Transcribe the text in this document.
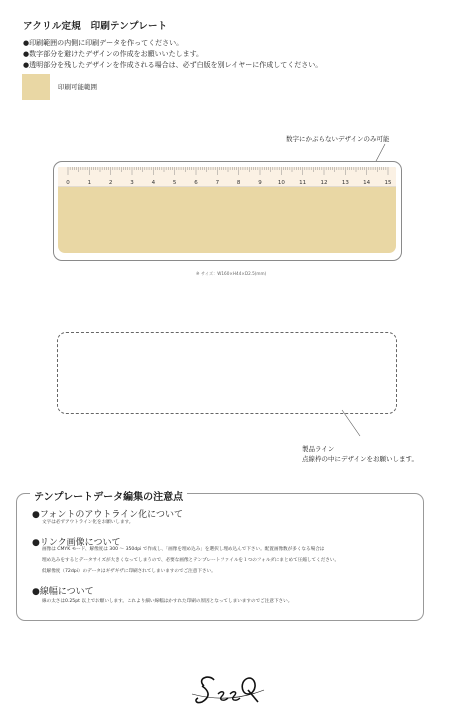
アクリル定規　印刷テンプレート
●印刷範囲の内側に印刷データを作ってください。
●数字部分を避けたデザインの作成をお願いいたします。
●透明部分を残したデザインを作成される場合は、必ず白版を別レイヤーに作成してください。
印刷可能範囲
数字にかぶらないデザインのみ可能
0	1	2	3	4	5	6	7	8	9	10	11	12	13	14	15
※ サイズ：W160×H44×D2.5(mm)
製品ライン
点線枠の中にデザインをお願いします。
テンプレートデータ編集の注意点
●フォントのアウトライン化について
文字は必ずアウトライン化をお願いします。
●リンク画像について
画像は CMYK モード、解像度は 300 ～ 350dpi で作成し、「画像を埋め込み」を選択し埋め込んで下さい。配置画像数が多くなる場合は
埋め込みをするとデータサイズが大きくなってしまうので、必要な画像とテンプレートファイルを１つのフォルダにまとめて圧縮してください。
低解像度（72dpi）のデータはギザギザに印刷されてしまいますのでご注意下さい。
●線幅について
線の太さは0.25pt 以上でお願いします。これより細い線幅はかすれた印刷の原因となってしまいますのでご注意下さい。
